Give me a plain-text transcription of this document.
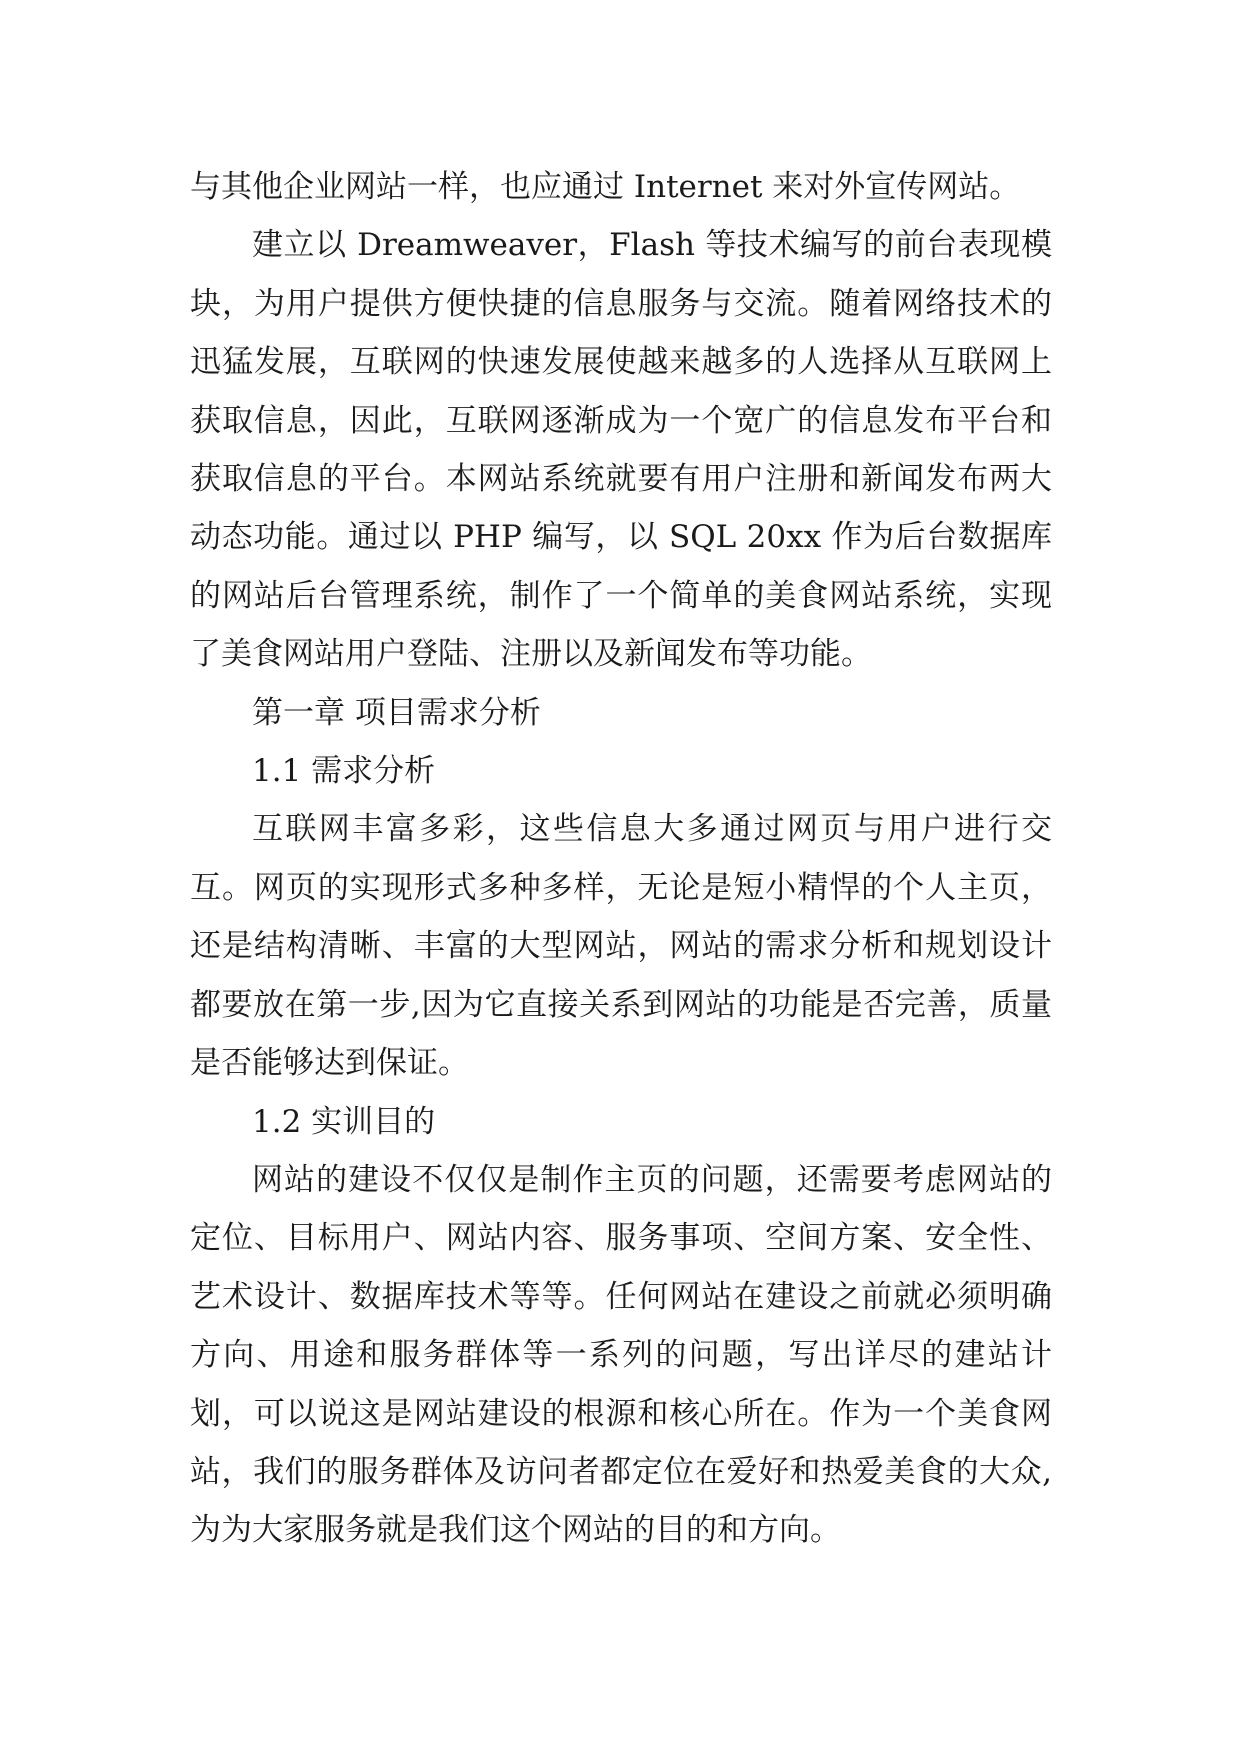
与其他企业网站一样，也应通过 Internet 来对外宣传网站。

建立以 Dreamweaver，Flash 等技术编写的前台表现模块，为用户提供方便快捷的信息服务与交流。随着网络技术的迅猛发展，互联网的快速发展使越来越多的人选择从互联网上获取信息，因此，互联网逐渐成为一个宽广的信息发布平台和获取信息的平台。本网站系统就要有用户注册和新闻发布两大动态功能。通过以 PHP 编写，以 SQL 20xx 作为后台数据库的网站后台管理系统，制作了一个简单的美食网站系统，实现了美食网站用户登陆、注册以及新闻发布等功能。

第一章 项目需求分析

1.1 需求分析

互联网丰富多彩，这些信息大多通过网页与用户进行交互。网页的实现形式多种多样，无论是短小精悍的个人主页，还是结构清晰、丰富的大型网站，网站的需求分析和规划设计都要放在第一步,因为它直接关系到网站的功能是否完善，质量是否能够达到保证。

1.2 实训目的

网站的建设不仅仅是制作主页的问题，还需要考虑网站的定位、目标用户、网站内容、服务事项、空间方案、安全性、艺术设计、数据库技术等等。任何网站在建设之前就必须明确方向、用途和服务群体等一系列的问题，写出详尽的建站计划，可以说这是网站建设的根源和核心所在。作为一个美食网站，我们的服务群体及访问者都定位在爱好和热爱美食的大众,为为大家服务就是我们这个网站的目的和方向。
